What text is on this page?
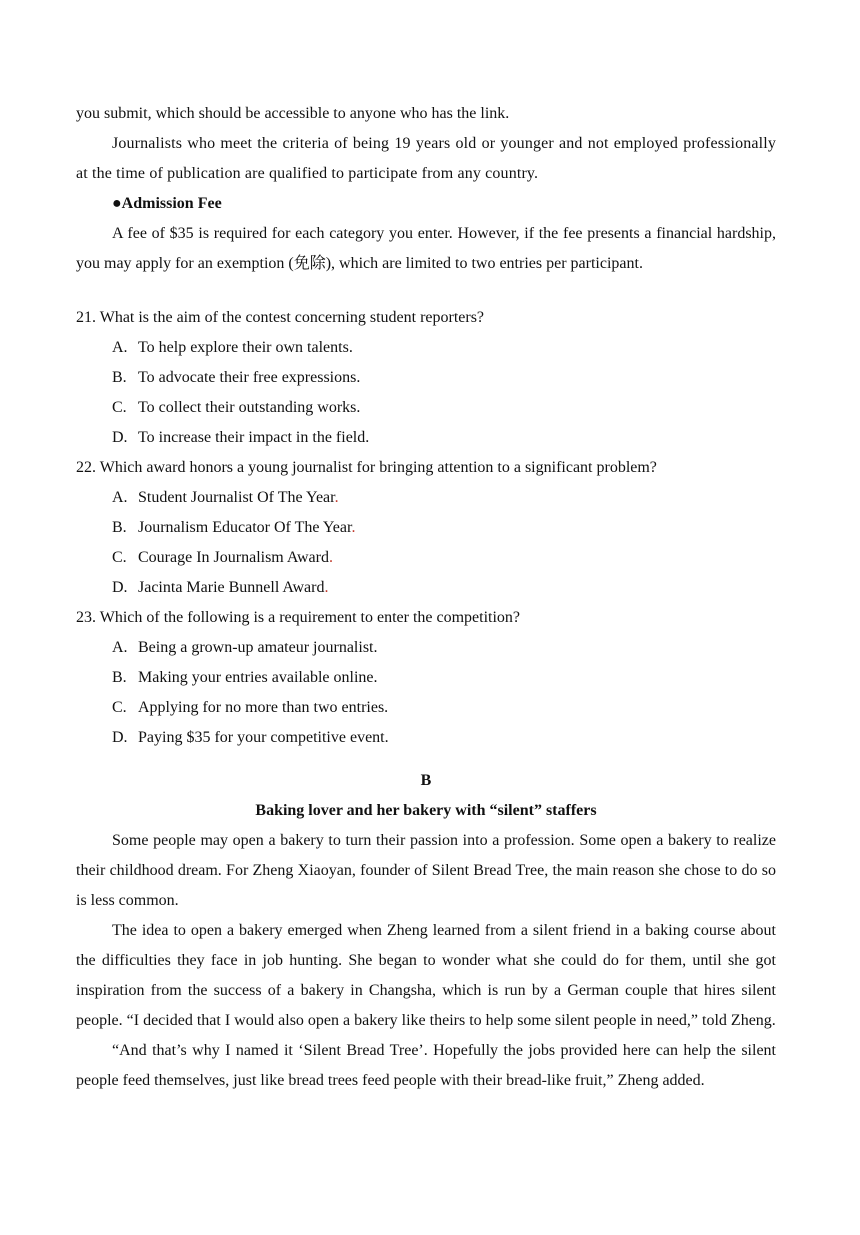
you submit, which should be accessible to anyone who has the link.

Journalists who meet the criteria of being 19 years old or younger and not employed professionally at the time of publication are qualified to participate from any country.

●Admission Fee

A fee of $35 is required for each category you enter. However, if the fee presents a financial hardship, you may apply for an exemption (免除), which are limited to two entries per participant.

21. What is the aim of the contest concerning student reporters?

A. To help explore their own talents.
B. To advocate their free expressions.
C. To collect their outstanding works.
D. To increase their impact in the field.

22. Which award honors a young journalist for bringing attention to a significant problem?

A. Student Journalist Of The Year.
B. Journalism Educator Of The Year.
C. Courage In Journalism Award.
D. Jacinta Marie Bunnell Award.

23. Which of the following is a requirement to enter the competition?

A. Being a grown-up amateur journalist.
B. Making your entries available online.
C. Applying for no more than two entries.
D. Paying $35 for your competitive event.

B

Baking lover and her bakery with “silent” staffers

Some people may open a bakery to turn their passion into a profession. Some open a bakery to realize their childhood dream. For Zheng Xiaoyan, founder of Silent Bread Tree, the main reason she chose to do so is less common.

The idea to open a bakery emerged when Zheng learned from a silent friend in a baking course about the difficulties they face in job hunting. She began to wonder what she could do for them, until she got inspiration from the success of a bakery in Changsha, which is run by a German couple that hires silent people. “I decided that I would also open a bakery like theirs to help some silent people in need,” told Zheng.

“And that’s why I named it ‘Silent Bread Tree’. Hopefully the jobs provided here can help the silent people feed themselves, just like bread trees feed people with their bread-like fruit,” Zheng added.
